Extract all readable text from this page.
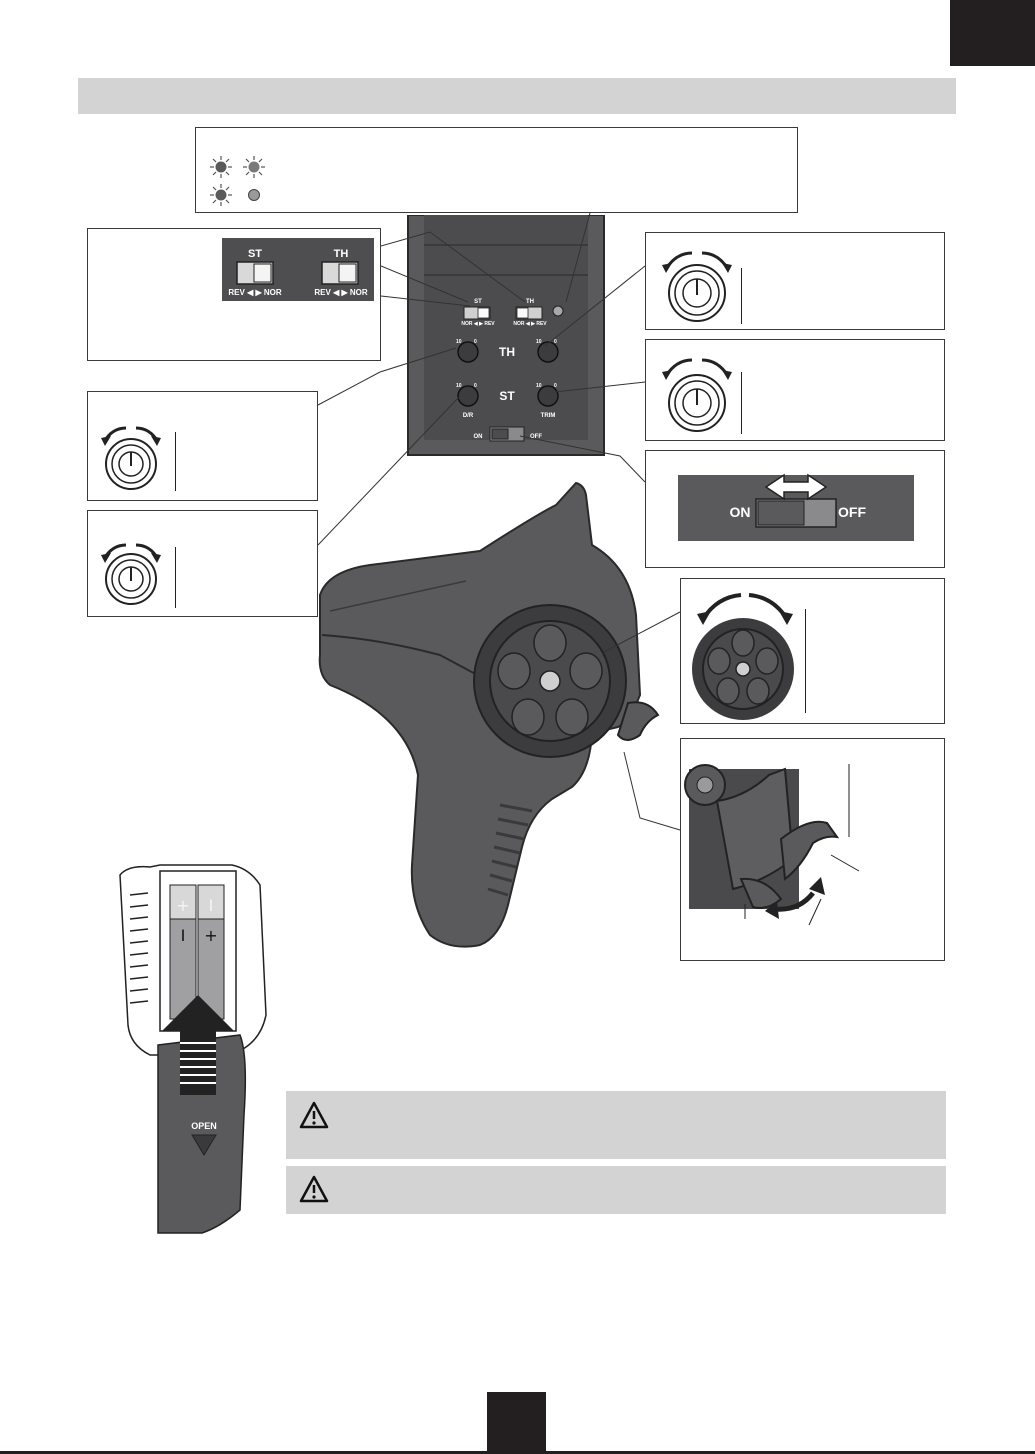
ST	TH
REV ◀ ▶ NOR	REV ◀ ▶ NOR
ON	OFF
ST	TH
NOR ◀ ▶ REV	NOR ◀ ▶ REV
10 0
TH
10 0
10 0
D/R
ST
10 0
TRIM
ON	OFF
+ I
I +
OPEN
